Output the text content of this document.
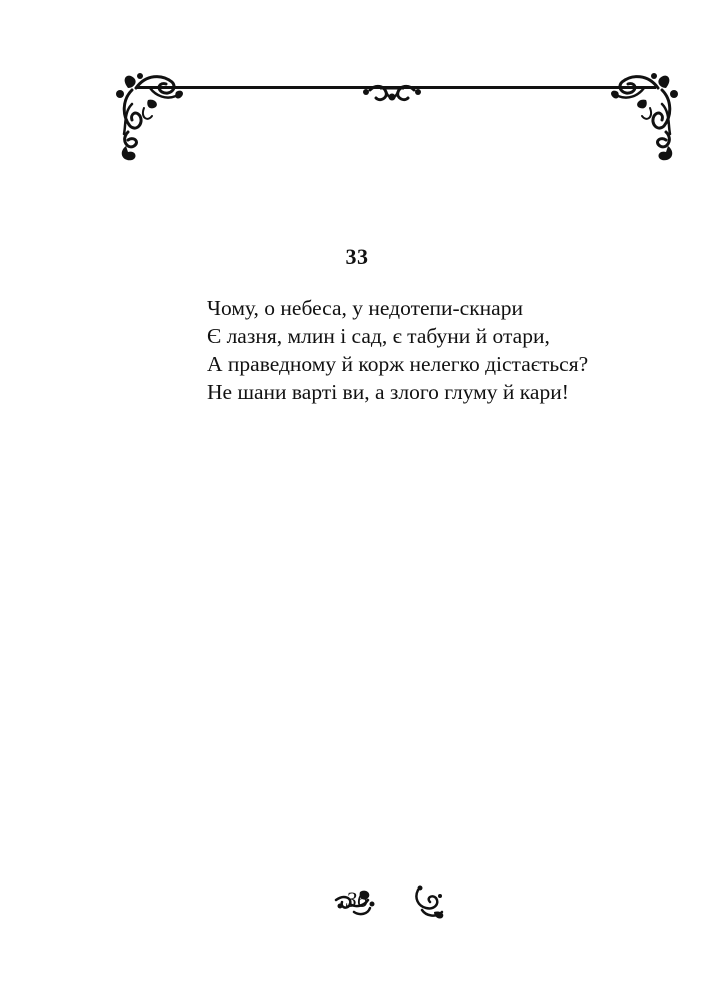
33

Чому, о небеса, у недотепи-скнари
Є лазня, млин і сад, є табуни й отари,
А праведному й корж нелегко дістається?
Не шани варті ви, а злого глуму й кари!

36
